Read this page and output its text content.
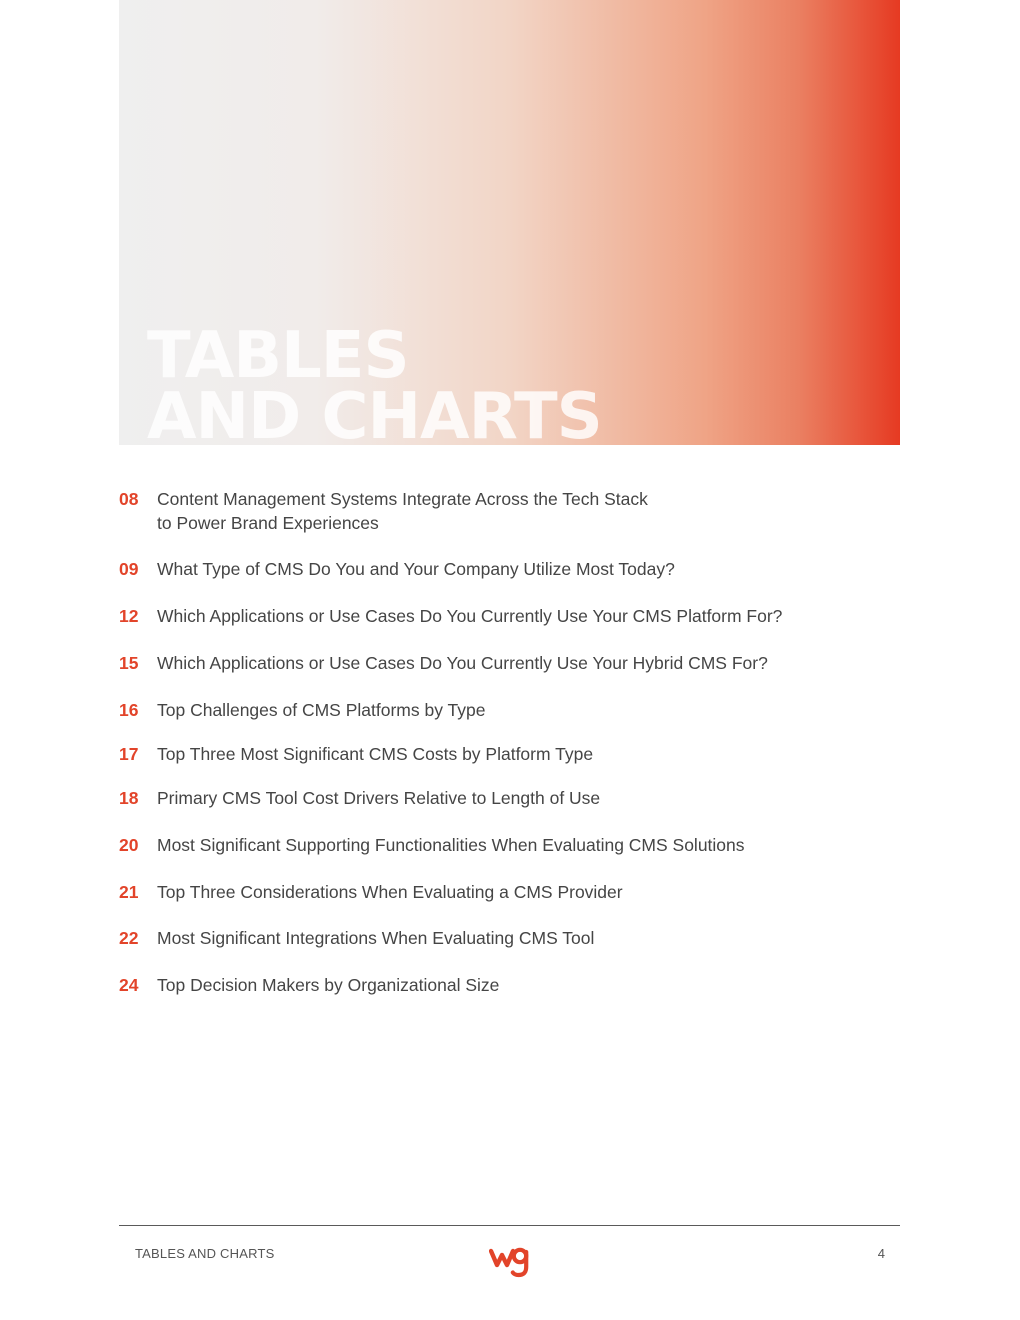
TABLES
AND CHARTS
08 Content Management Systems Integrate Across the Tech Stack
to Power Brand Experiences
09 What Type of CMS Do You and Your Company Utilize Most Today?
12 Which Applications or Use Cases Do You Currently Use Your CMS Platform For?
15 Which Applications or Use Cases Do You Currently Use Your Hybrid CMS For?
16 Top Challenges of CMS Platforms by Type
17 Top Three Most Significant CMS Costs by Platform Type
18 Primary CMS Tool Cost Drivers Relative to Length of Use
20 Most Significant Supporting Functionalities When Evaluating CMS Solutions
21 Top Three Considerations When Evaluating a CMS Provider
22 Most Significant Integrations When Evaluating CMS Tool
24 Top Decision Makers by Organizational Size
TABLES AND CHARTS	4
